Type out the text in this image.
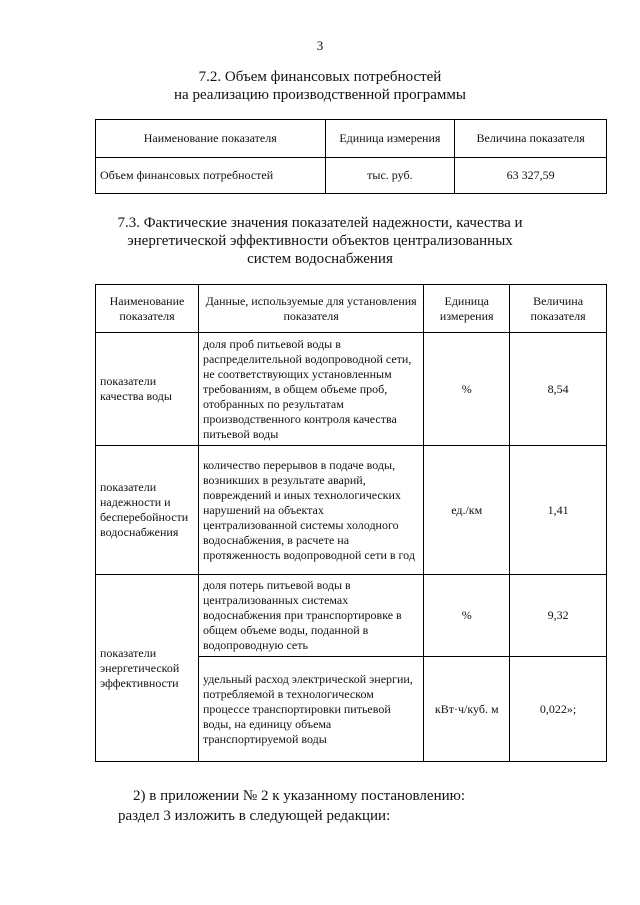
3
7.2. Объем финансовых потребностей
на реализацию производственной программы
Наименование показателя	Единица измерения	Величина показателя
Объем финансовых потребностей	тыс. руб.	63 327,59
7.3. Фактические значения показателей надежности, качества и
энергетической эффективности объектов централизованных
систем водоснабжения
Наименование показателя	Данные, используемые для установления показателя	Единица измерения	Величина показателя
показатели качества воды	доля проб питьевой воды в распределительной водопроводной сети, не соответствующих установленным требованиям, в общем объеме проб, отобранных по результатам производственного контроля качества питьевой воды	%	8,54
показатели надежности и бесперебойности водоснабжения	количество перерывов в подаче воды, возникших в результате аварий, повреждений и иных технологических нарушений на объектах централизованной системы холодного водоснабжения, в расчете на протяженность водопроводной сети в год	ед./км	1,41
показатели энергетической эффективности	доля потерь питьевой воды в централизованных системах водоснабжения при транспортировке в общем объеме воды, поданной в водопроводную сеть	%	9,32
	удельный расход электрической энергии, потребляемой в технологическом процессе транспортировки питьевой воды, на единицу объема транспортируемой воды	кВт·ч/куб. м	0,022»;
2) в приложении № 2 к указанному постановлению:
раздел 3 изложить в следующей редакции:
